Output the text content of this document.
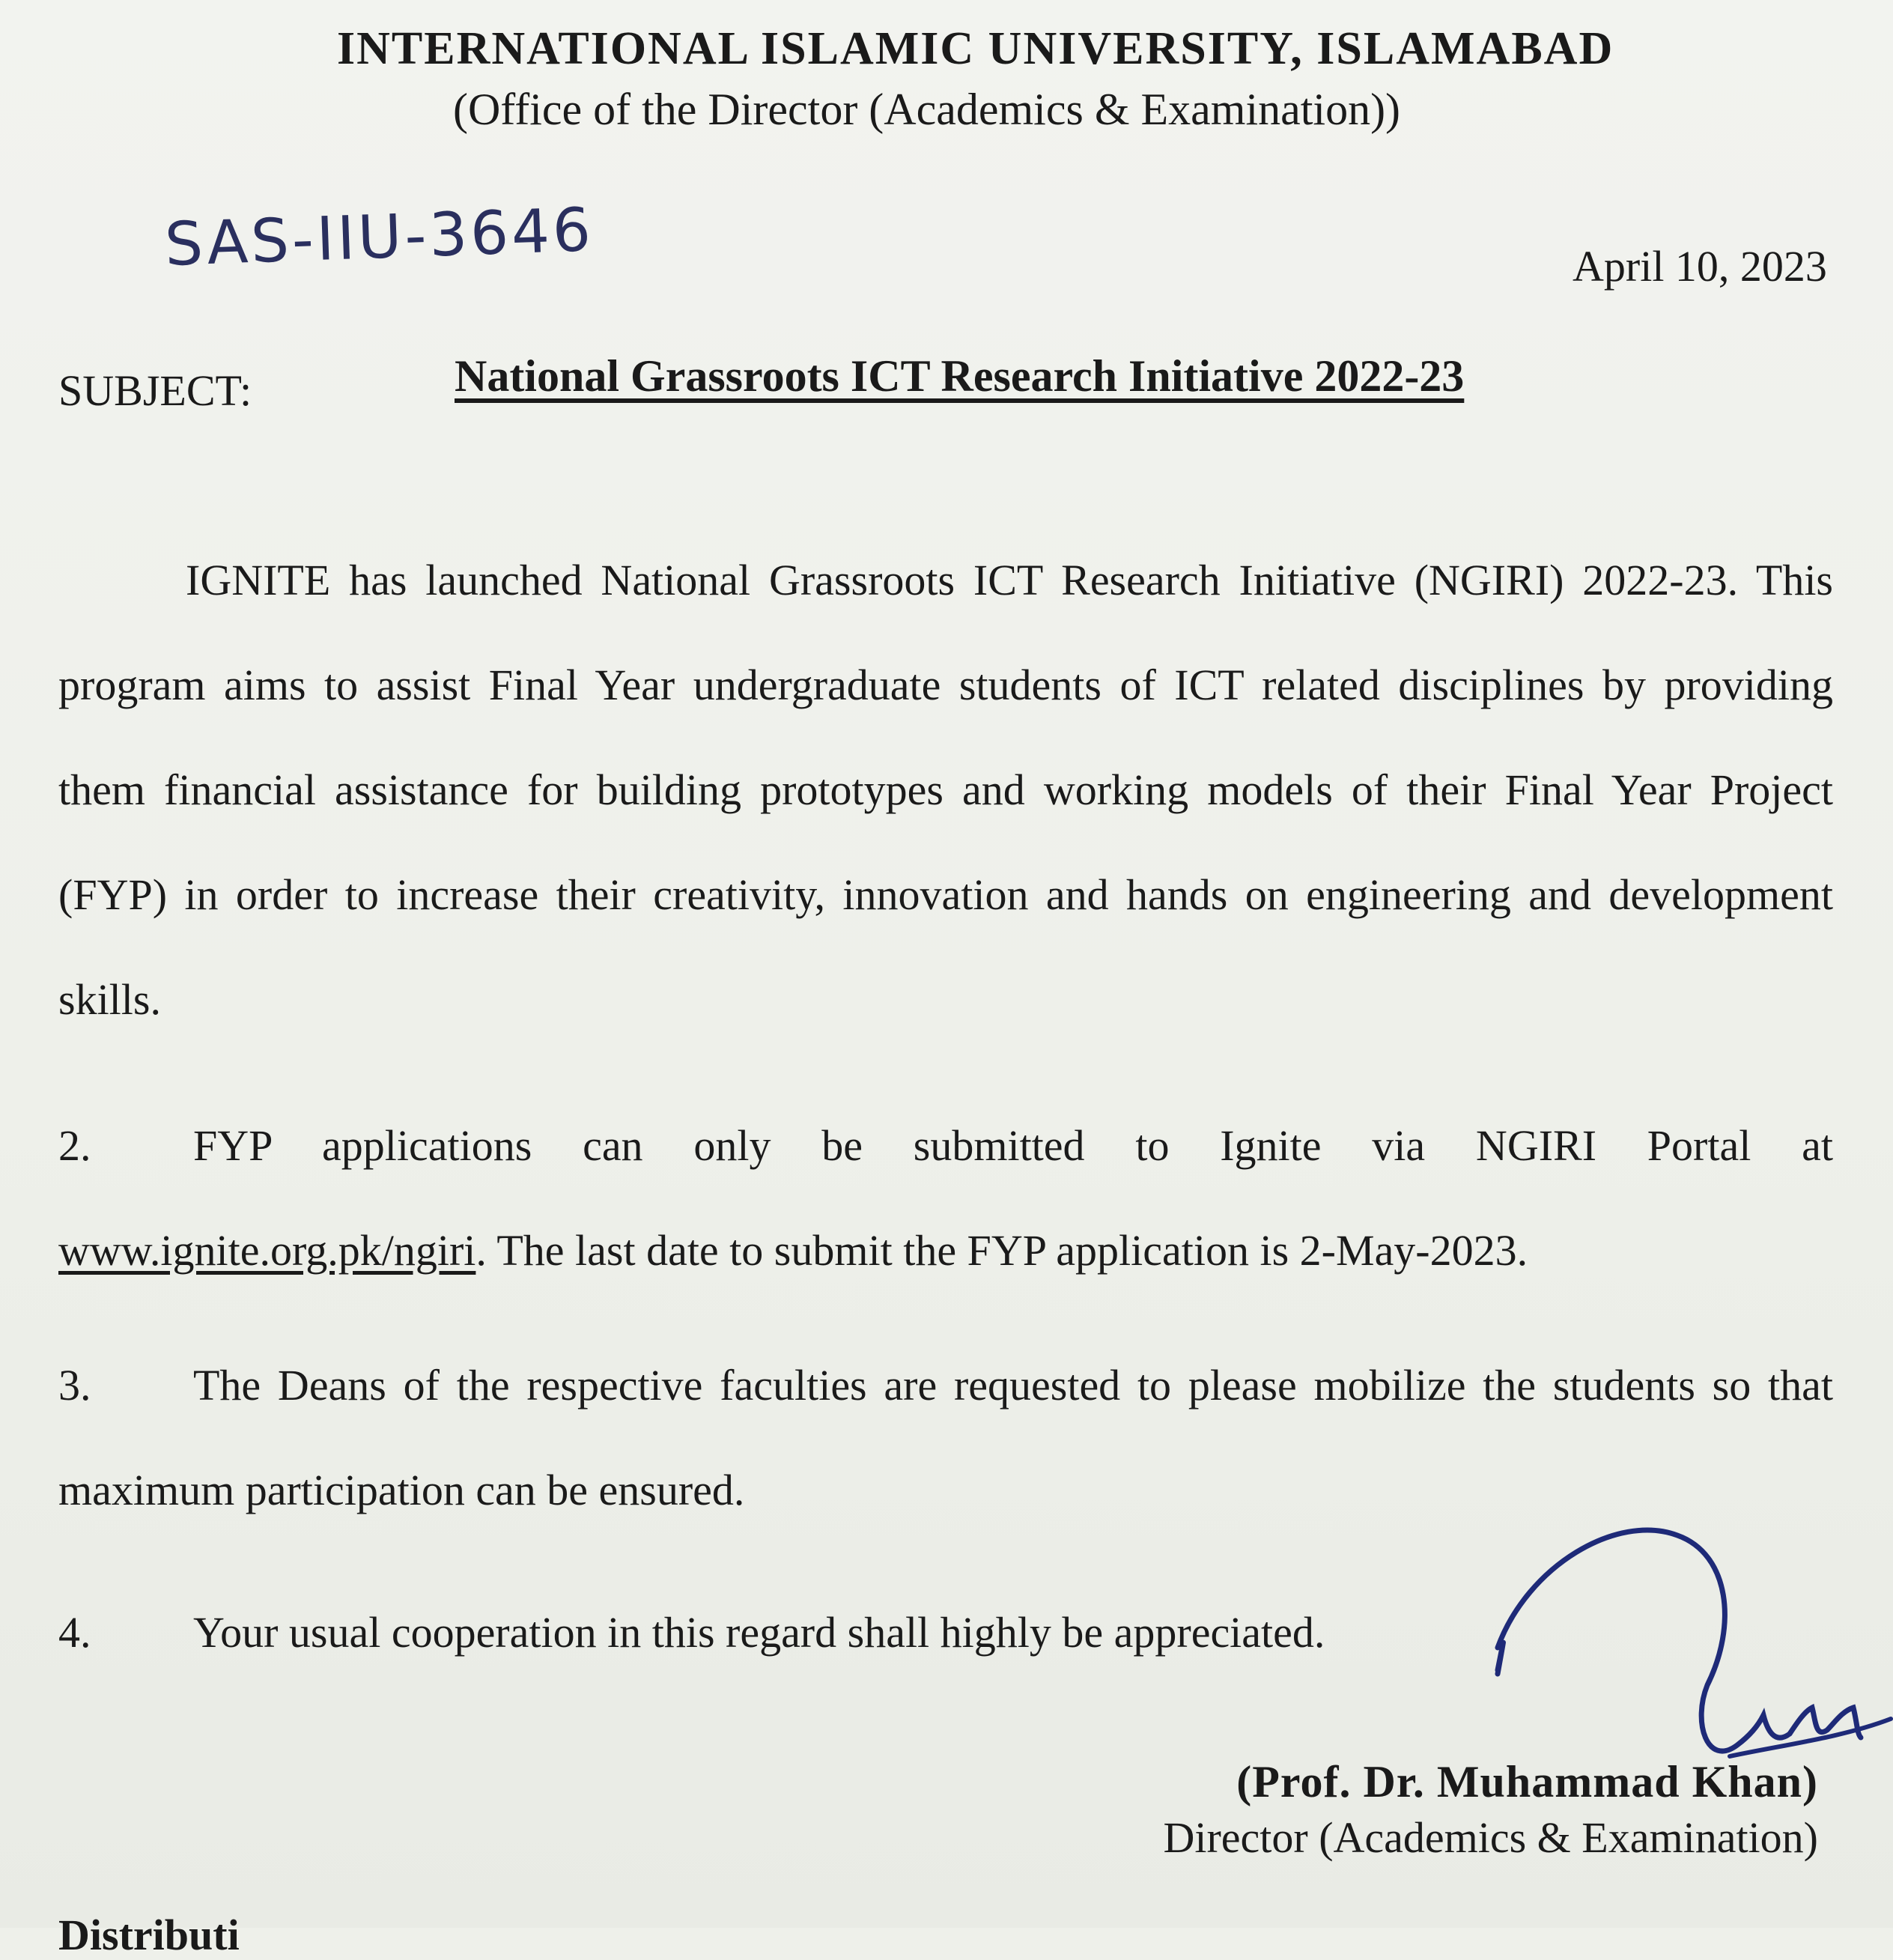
INTERNATIONAL ISLAMIC UNIVERSITY, ISLAMABAD
(Office of the Director (Academics & Examination))
SAS-IIU-3646	April 10, 2023
SUBJECT:	National Grassroots ICT Research Initiative 2022-23
IGNITE has launched National Grassroots ICT Research Initiative (NGIRI) 2022-23. This program aims to assist Final Year undergraduate students of ICT related disciplines by providing them financial assistance for building prototypes and working models of their Final Year Project (FYP) in order to increase their creativity, innovation and hands on engineering and development skills.
2. FYP applications can only be submitted to Ignite via NGIRI Portal at www.ignite.org.pk/ngiri. The last date to submit the FYP application is 2-May-2023.
3. The Deans of the respective faculties are requested to please mobilize the students so that maximum participation can be ensured.
4. Your usual cooperation in this regard shall highly be appreciated.
(Prof. Dr. Muhammad Khan)
Director (Academics & Examination)
Distributi
